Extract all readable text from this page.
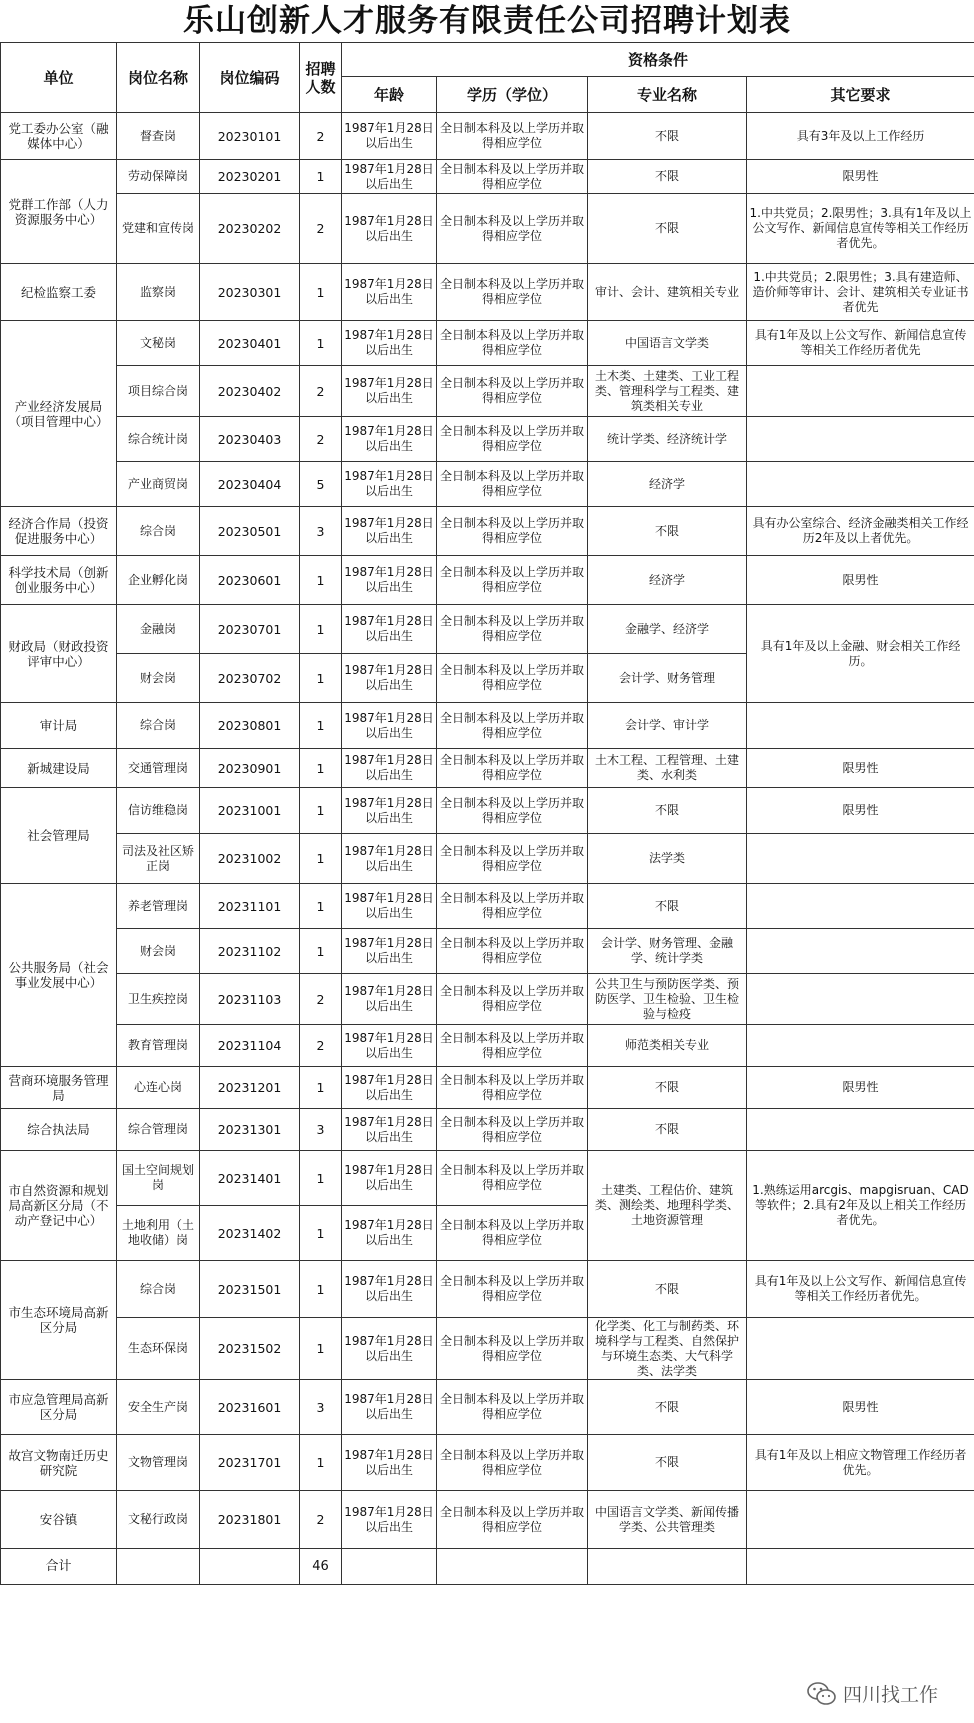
乐山创新人才服务有限责任公司招聘计划表
单位	岗位名称	岗位编码	招聘人数	资格条件			
				年龄	学历（学位）	专业名称	其它要求
党工委办公室（融媒体中心）	督查岗	20230101	2	1987年1月28日以后出生	全日制本科及以上学历并取得相应学位	不限	具有3年及以上工作经历
党群工作部（人力资源服务中心）	劳动保障岗	20230201	1	1987年1月28日以后出生	全日制本科及以上学历并取得相应学位	不限	限男性
	党建和宣传岗	20230202	2	1987年1月28日以后出生	全日制本科及以上学历并取得相应学位	不限	1.中共党员；2.限男性；3.具有1年及以上公文写作、新闻信息宣传等相关工作经历者优先。
纪检监察工委	监察岗	20230301	1	1987年1月28日以后出生	全日制本科及以上学历并取得相应学位	审计、会计、建筑相关专业	1.中共党员；2.限男性；3.具有建造师、造价师等审计、会计、建筑相关专业证书者优先
产业经济发展局（项目管理中心）	文秘岗	20230401	1	1987年1月28日以后出生	全日制本科及以上学历并取得相应学位	中国语言文学类	具有1年及以上公文写作、新闻信息宣传等相关工作经历者优先
	项目综合岗	20230402	2	1987年1月28日以后出生	全日制本科及以上学历并取得相应学位	土木类、土建类、工业工程类、管理科学与工程类、建筑类相关专业	
	综合统计岗	20230403	2	1987年1月28日以后出生	全日制本科及以上学历并取得相应学位	统计学类、经济统计学	
	产业商贸岗	20230404	5	1987年1月28日以后出生	全日制本科及以上学历并取得相应学位	经济学	
经济合作局（投资促进服务中心）	综合岗	20230501	3	1987年1月28日以后出生	全日制本科及以上学历并取得相应学位	不限	具有办公室综合、经济金融类相关工作经历2年及以上者优先。
科学技术局（创新创业服务中心）	企业孵化岗	20230601	1	1987年1月28日以后出生	全日制本科及以上学历并取得相应学位	经济学	限男性
财政局（财政投资评审中心）	金融岗	20230701	1	1987年1月28日以后出生	全日制本科及以上学历并取得相应学位	金融学、经济学	具有1年及以上金融、财会相关工作经历。
	财会岗	20230702	1	1987年1月28日以后出生	全日制本科及以上学历并取得相应学位	会计学、财务管理	
审计局	综合岗	20230801	1	1987年1月28日以后出生	全日制本科及以上学历并取得相应学位	会计学、审计学	
新城建设局	交通管理岗	20230901	1	1987年1月28日以后出生	全日制本科及以上学历并取得相应学位	土木工程、工程管理、土建类、水利类	限男性
社会管理局	信访维稳岗	20231001	1	1987年1月28日以后出生	全日制本科及以上学历并取得相应学位	不限	限男性
	司法及社区矫正岗	20231002	1	1987年1月28日以后出生	全日制本科及以上学历并取得相应学位	法学类	
公共服务局（社会事业发展中心）	养老管理岗	20231101	1	1987年1月28日以后出生	全日制本科及以上学历并取得相应学位	不限	
	财会岗	20231102	1	1987年1月28日以后出生	全日制本科及以上学历并取得相应学位	会计学、财务管理、金融学、统计学类	
	卫生疾控岗	20231103	2	1987年1月28日以后出生	全日制本科及以上学历并取得相应学位	公共卫生与预防医学类、预防医学、卫生检验、卫生检验与检疫	
	教育管理岗	20231104	2	1987年1月28日以后出生	全日制本科及以上学历并取得相应学位	师范类相关专业	
营商环境服务管理局	心连心岗	20231201	1	1987年1月28日以后出生	全日制本科及以上学历并取得相应学位	不限	限男性
综合执法局	综合管理岗	20231301	3	1987年1月28日以后出生	全日制本科及以上学历并取得相应学位	不限	
市自然资源和规划局高新区分局（不动产登记中心）	国土空间规划岗	20231401	1	1987年1月28日以后出生	全日制本科及以上学历并取得相应学位	土建类、工程估价、建筑类、测绘类、地理科学类、土地资源管理	1.熟练运用arcgis、mapgisruan、CAD等软件；2.具有2年及以上相关工作经历者优先。
	土地利用（土地收储）岗	20231402	1	1987年1月28日以后出生	全日制本科及以上学历并取得相应学位		
市生态环境局高新区分局	综合岗	20231501	1	1987年1月28日以后出生	全日制本科及以上学历并取得相应学位	不限	具有1年及以上公文写作、新闻信息宣传等相关工作经历者优先。
	生态环保岗	20231502	1	1987年1月28日以后出生	全日制本科及以上学历并取得相应学位	化学类、化工与制药类、环境科学与工程类、自然保护与环境生态类、大气科学类、法学类	
市应急管理局高新区分局	安全生产岗	20231601	3	1987年1月28日以后出生	全日制本科及以上学历并取得相应学位	不限	限男性
故宫文物南迁历史研究院	文物管理岗	20231701	1	1987年1月28日以后出生	全日制本科及以上学历并取得相应学位	不限	具有1年及以上相应文物管理工作经历者优先。
安谷镇	文秘行政岗	20231801	2	1987年1月28日以后出生	全日制本科及以上学历并取得相应学位	中国语言文学类、新闻传播学类、公共管理类	
合计			46				
四川找工作
